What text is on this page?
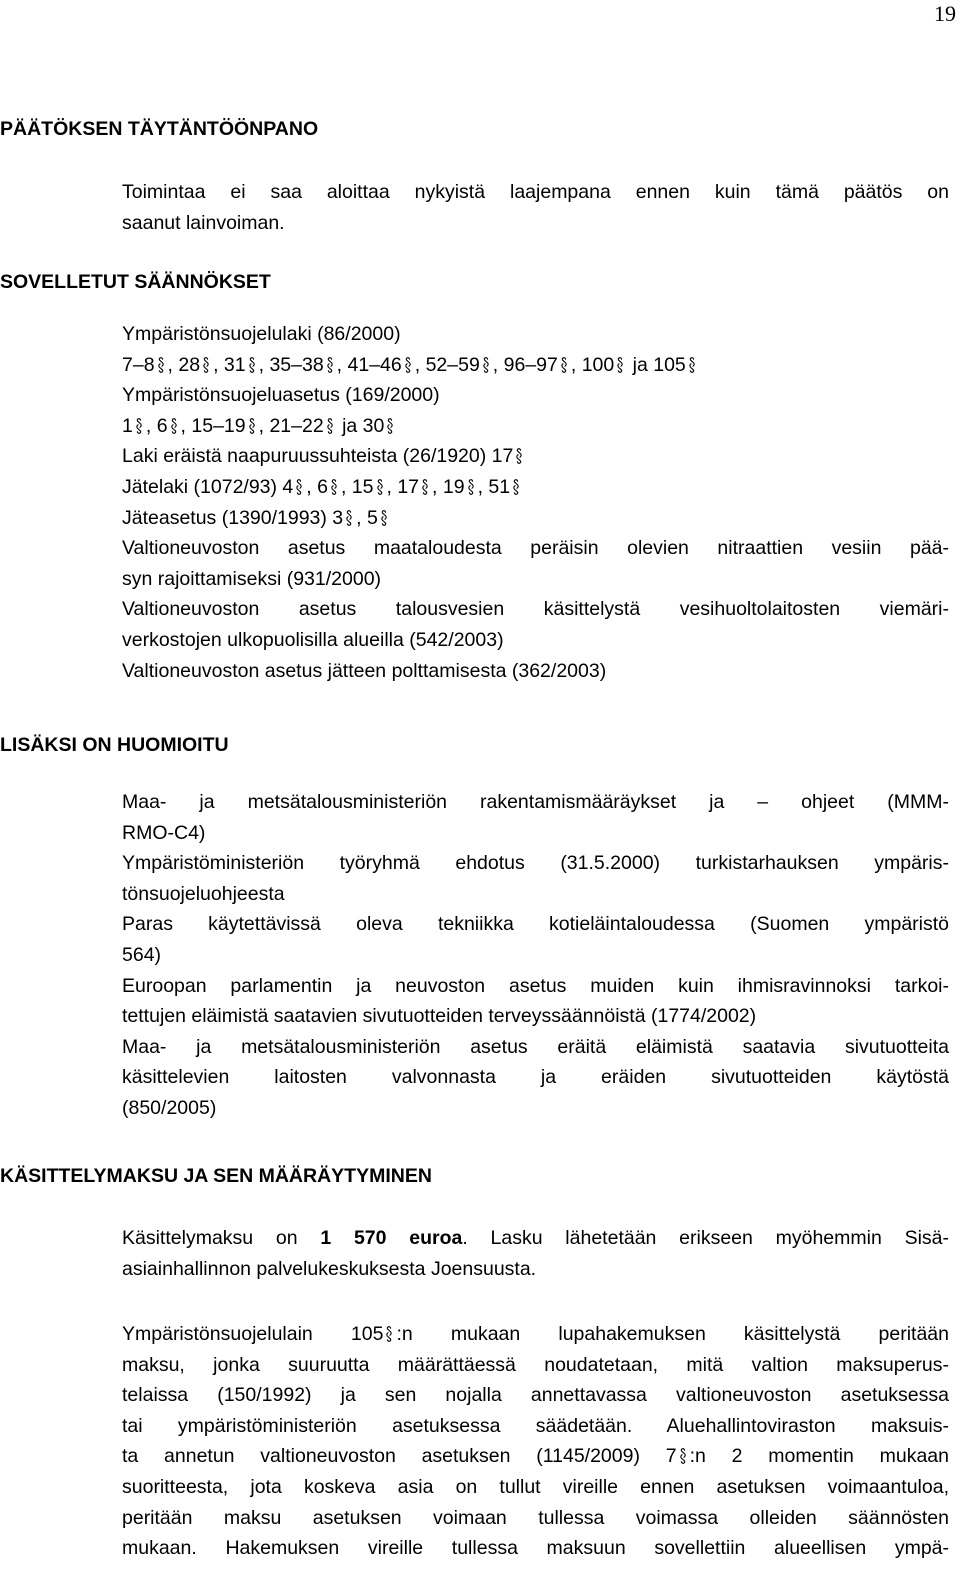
19
PÄÄTÖKSEN TÄYTÄNTÖÖNPANO
Toimintaa ei saa aloittaa nykyistä laajempana ennen kuin tämä päätös on
saanut lainvoiman.
SOVELLETUT SÄÄNNÖKSET
Ympäristönsuojelulaki (86/2000)
7–8 , 28 , 31 , 35–38 , 41–46 , 52–59 , 96–97 , 100 ja 105
Ympäristönsuojeluasetus (169/2000)
1 , 6 , 15–19 , 21–22 ja 30
Laki eräistä naapuruussuhteista (26/1920) 17
Jätelaki (1072/93) 4 , 6 , 15 , 17 , 19 , 51
Jäteasetus (1390/1993) 3 , 5
Valtioneuvoston asetus maataloudesta peräisin olevien nitraattien vesiin pää-
syn rajoittamiseksi (931/2000)
Valtioneuvoston asetus talousvesien käsittelystä vesihuoltolaitosten viemäri-
verkostojen ulkopuolisilla alueilla (542/2003)
Valtioneuvoston asetus jätteen polttamisesta (362/2003)
LISÄKSI ON HUOMIOITU
Maa- ja metsätalousministeriön rakentamismääräykset ja – ohjeet (MMM-
RMO-C4)
Ympäristöministeriön työryhmä ehdotus (31.5.2000) turkistarhauksen ympäris-
tönsuojeluohjeesta
Paras käytettävissä oleva tekniikka kotieläintaloudessa (Suomen ympäristö
564)
Euroopan parlamentin ja neuvoston asetus muiden kuin ihmisravinnoksi tarkoi-
tettujen eläimistä saatavien sivutuotteiden terveyssäännöistä (1774/2002)
Maa- ja metsätalousministeriön asetus eräitä eläimistä saatavia sivutuotteita
käsittelevien laitosten valvonnasta ja eräiden sivutuotteiden käytöstä
(850/2005)
KÄSITTELYMAKSU JA SEN MÄÄRÄYTYMINEN
Käsittelymaksu on 1 570 euroa. Lasku lähetetään erikseen myöhemmin Sisä-
asiainhallinnon palvelukeskuksesta Joensuusta.
Ympäristönsuojelulain 105 :n mukaan lupahakemuksen käsittelystä peritään
maksu, jonka suuruutta määrättäessä noudatetaan, mitä valtion maksuperus-
telaissa (150/1992) ja sen nojalla annettavassa valtioneuvoston asetuksessa
tai ympäristöministeriön asetuksessa säädetään. Aluehallintoviraston maksuis-
ta annetun valtioneuvoston asetuksen (1145/2009) 7 :n 2 momentin mukaan
suoritteesta, jota koskeva asia on tullut vireille ennen asetuksen voimaantuloa,
peritään maksu asetuksen voimaan tullessa voimassa olleiden säännösten
mukaan. Hakemuksen vireille tullessa maksuun sovellettiin alueellisen ympä-
